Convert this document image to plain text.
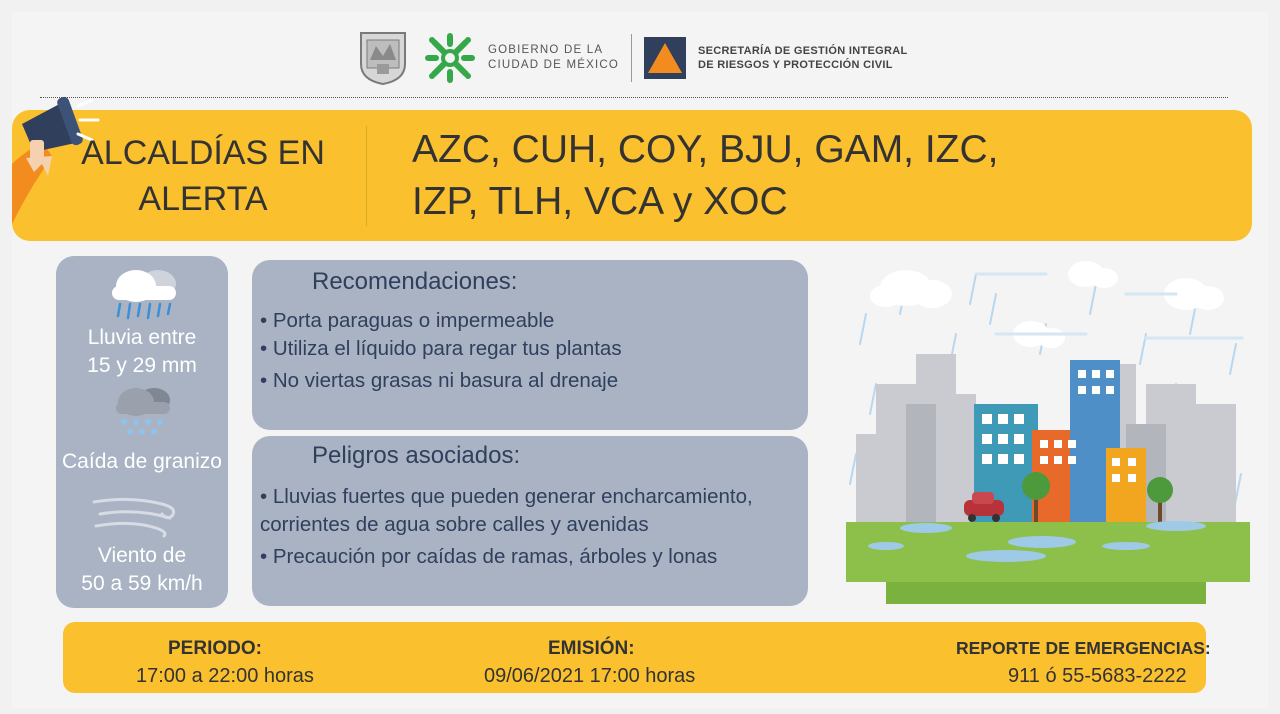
GOBIERNO DE LA
CIUDAD DE MÉXICO
SECRETARÍA DE GESTIÓN INTEGRAL
DE RIESGOS Y PROTECCIÓN CIVIL
ALCALDÍAS EN
ALERTA
AZC, CUH, COY, BJU, GAM, IZC,
IZP, TLH, VCA y XOC
Lluvia entre
15 y 29 mm
Caída de granizo
Viento de
50 a 59 km/h
Recomendaciones:
• Porta paraguas o impermeable
• Utiliza el líquido para regar tus plantas
• No viertas grasas ni basura al drenaje
Peligros asociados:
• Lluvias fuertes que pueden generar encharcamiento,
corrientes de agua sobre calles y avenidas
• Precaución por caídas de ramas, árboles y lonas
PERIODO:
17:00 a 22:00 horas
EMISIÓN:
09/06/2021 17:00 horas
REPORTE DE EMERGENCIAS:
911 ó 55-5683-2222
